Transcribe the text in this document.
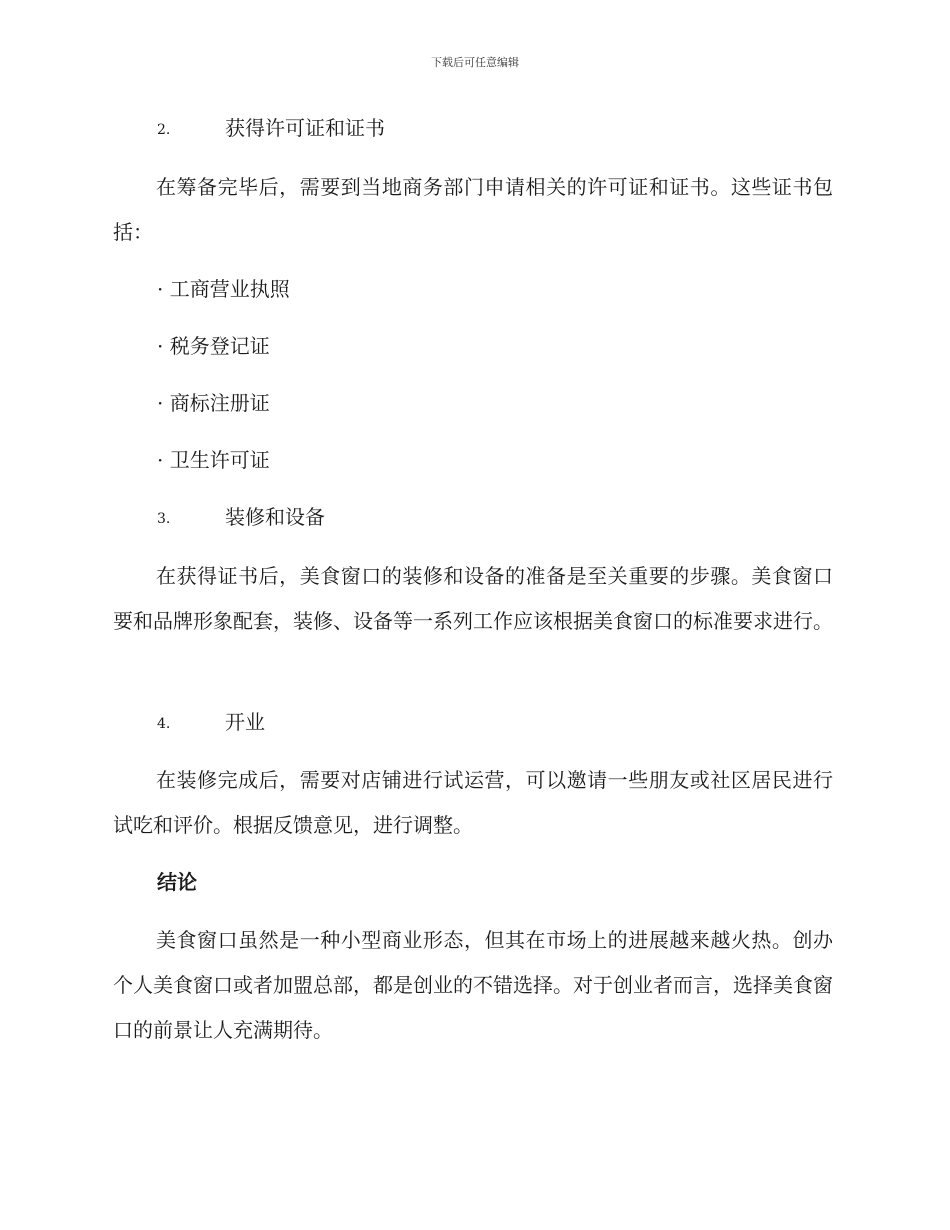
下载后可任意编辑
2.	获得许可证和证书
在筹备完毕后，需要到当地商务部门申请相关的许可证和证书。这些证书包括：
· 工商营业执照
· 税务登记证
· 商标注册证
· 卫生许可证
3.	装修和设备
在获得证书后，美食窗口的装修和设备的准备是至关重要的步骤。美食窗口要和品牌形象配套，装修、设备等一系列工作应该根据美食窗口的标准要求进行。
4.	开业
在装修完成后，需要对店铺进行试运营，可以邀请一些朋友或社区居民进行试吃和评价。根据反馈意见，进行调整。
结论
美食窗口虽然是一种小型商业形态，但其在市场上的进展越来越火热。创办个人美食窗口或者加盟总部，都是创业的不错选择。对于创业者而言，选择美食窗口的前景让人充满期待。
